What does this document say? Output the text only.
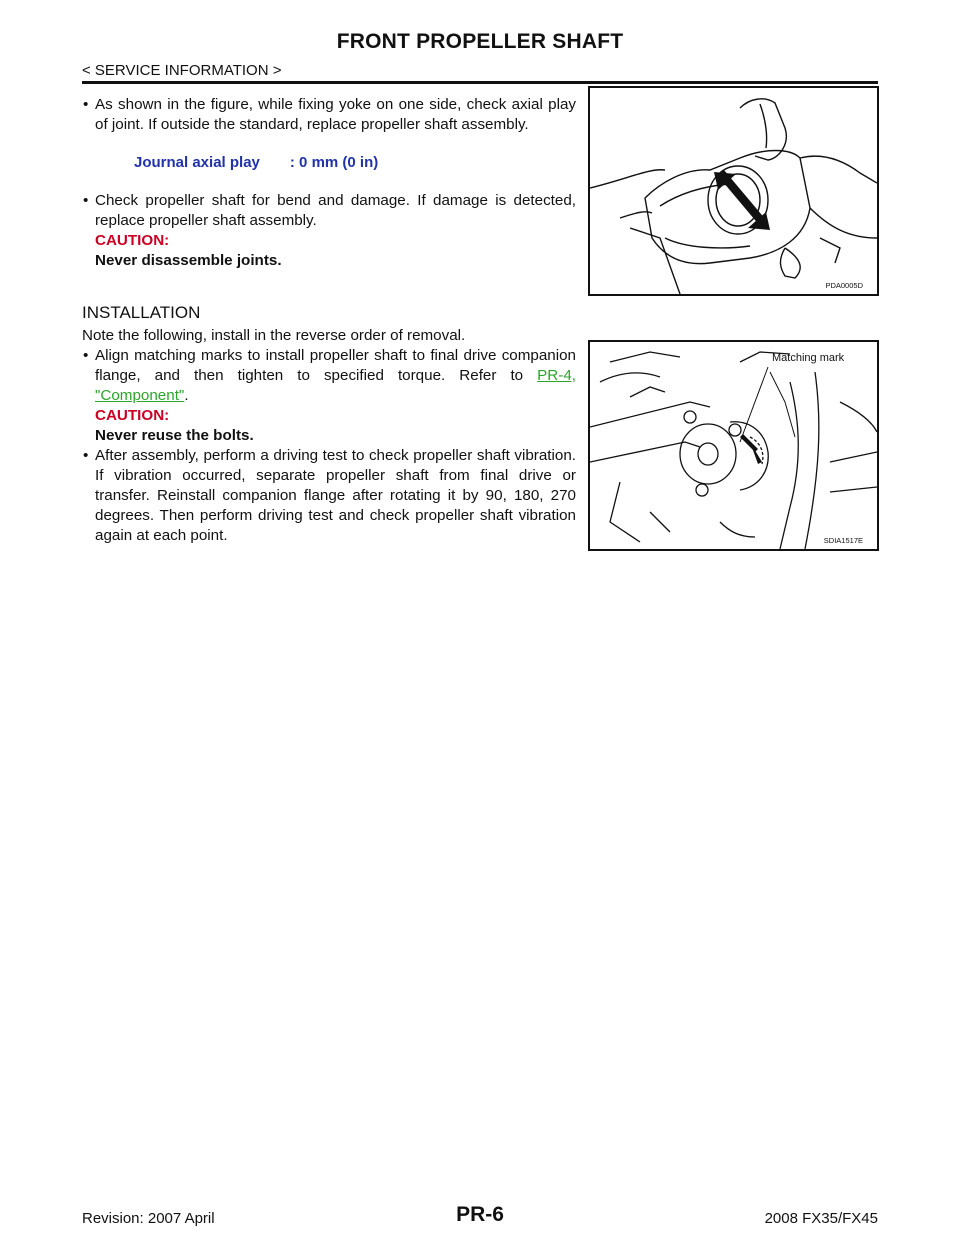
FRONT PROPELLER SHAFT
< SERVICE INFORMATION >
• As shown in the figure, while fixing yoke on one side, check axial play of joint. If outside the standard, replace propeller shaft assembly.
Journal axial play : 0 mm (0 in)
• Check propeller shaft for bend and damage. If damage is detected, replace propeller shaft assembly.
CAUTION:
Never disassemble joints.
PDA0005D
INSTALLATION
Note the following, install in the reverse order of removal.
• Align matching marks to install propeller shaft to final drive companion flange, and then tighten to specified torque. Refer to PR-4, "Component".
CAUTION:
Never reuse the bolts.
• After assembly, perform a driving test to check propeller shaft vibration. If vibration occurred, separate propeller shaft from final drive or transfer. Reinstall companion flange after rotating it by 90, 180, 270 degrees. Then perform driving test and check propeller shaft vibration again at each point.
Matching mark
SDIA1517E
Revision: 2007 April	PR-6	2008 FX35/FX45
